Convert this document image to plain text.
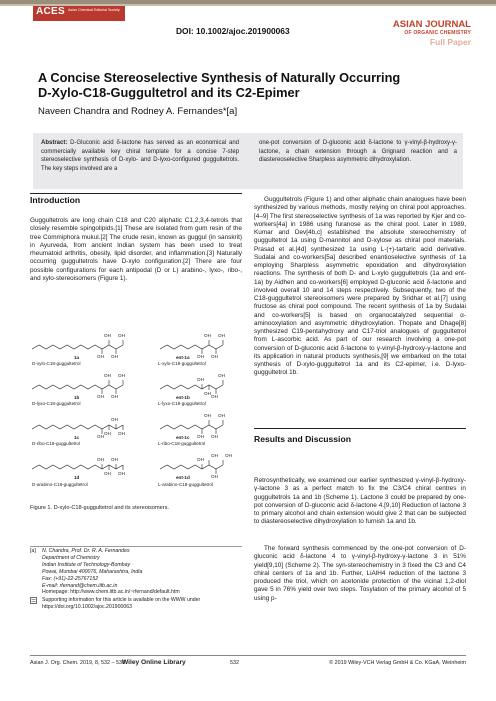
ACES Asian Chemical Editorial Society
DOI: 10.1002/ajoc.201900063
ASIAN JOURNAL
OF ORGANIC CHEMISTRY
Full Paper
A Concise Stereoselective Synthesis of Naturally Occurring
D-Xylo-C18-Guggultetrol and its C2-Epimer
Naveen Chandra and Rodney A. Fernandes*[a]
Abstract: D-Gluconic acid δ-lactone has served as an economical and commercially available key chiral template for a concise 7-step stereoselective synthesis of D-xylo- and D-lyxo-configured guggultetrols. The key steps involved are a
one-pot conversion of D-gluconic acid δ-lactone to γ-vinyl-β-hydroxy-γ-lactone, a chain extension through a Grignard reaction and a diastereoselective Sharpless asymmetric dihydroxylation.
Introduction
Guggultetrols are long chain C18 and C20 aliphatic C1,2,3,4-tetrols that closely resemble spingolipids.[1] These are isolated from gum resin of the tree Commiphora mukul.[2] The crude resin, known as guggul (in sanskrit) in Ayurveda, from ancient Indian system has been used to treat rheumatoid arthritis, obesity, lipid disorder, and inflammation.[3] Naturally occurring guggultetrols have D-xylo configuration.[2] There are four possible configurations for each antipodal (D or L) arabino-, lyxo-, ribo-, and xylo-stereoisomers (Figure 1).
OH OH
OH OH
OH OH
OH OH
OH OH
OH OH
OH
OH
OH
OH
OH
OH
OH OH
OH OH
OH OH
OH OH
OH OH
OH
OH OH
OH
1a
D-xylo-C18-guggultetrol
ent-1a
L-xylo-C18-guggultetrol
1b
D-lyxo-C18-guggultetrol
ent-1b
L-lyxo-C18-guggultetrol
1c
D-ribo-C18-guggultetrol
ent-1c
L-ribo-C18-guggultetrol
1d
D-arabino-C18-guggultetrol
ent-1d
L-arabino-C18-guggultetrol
Figure 1. D-xylo-C18-guggultetrol and its stereoisomers.
[a]	N. Chandra, Prof. Dr. R. A. Fernandes
Department of Chemistry
Indian Institute of Technology-Bombay
Powai, Mumbai 400076, Maharashtra, India
Fax: (+91)-22-25767152
E-mail: rfernand@chem.iitb.ac.in
Homepage: http://www.chem.iitb.ac.in/~rfernand/default.htm
Supporting information for this article is available on the WWW under https://doi.org/10.1002/ajoc.201900063
Guggultetrols (Figure 1) and other aliphatic chain analogues have been synthesized by various methods, mostly relying on chiral pool approaches.[4–9] The first stereoselective synthesis of 1a was reported by Kjer and co-workers[4a] in 1986 using furanose as the chiral pool. Later in 1989, Kumar and Dev[4b,c] established the absolute stereochemistry of guggultetrol 1a using D-mannitol and D-xylose as chiral pool materials. Prasad et al.[4d] synthesized 1a using L-(+)-tartaric acid derivative. Sudalai and co-workers[5a] described enantioselective synthesis of 1a employing Sharpless asymmetric epoxidation and dihydroxylation reactions. The synthesis of both D- and L-xylo guggultetrols (1a and ent-1a) by Aidhen and co-workers[6] employed D-gluconic acid δ-lactone and involved overall 10 and 14 steps respectively. Subsequently, two of the C18-guggultetrol stereoisomers were prepared by Sridhar et al.[7] using fructose as chiral pool compound. The recent synthesis of 1a by Sudalai and co-workers[5] is based on organocatalyzed sequential α-aminooxylation and asymmetric dihydroxylation. Thopate and Dhage[8] synthesized C19-pentahydroxy and C17-triol analogues of guggultetrol from L-ascorbic acid. As part of our research involving a one-pot conversion of D-gluconic acid δ-lactone to γ-vinyl-β-hydroxy-γ-lactone and its application in natural products synthesis,[9] we embarked on the total synthesis of D-xylo-guggultetrol 1a and its C2-epimer, i.e. D-lyxo-guggultetrol 1b.
Results and Discussion
Retrosynthetically, we examined our earlier synthesized γ-vinyl-β-hydroxy-γ-lactone 3 as a perfect match to fix the C3/C4 chiral centres in guggultetrols 1a and 1b (Scheme 1). Lactone 3 could be prepared by one-pot conversion of D-gluconic acid δ-lactone 4.[9,10] Reduction of lactone 3 to primary alcohol and chain extension would give 2 that can be subjected to diastereoselective dihydroxylation to furnish 1a and 1b.
The forward synthesis commenced by the one-pot conversion of D-gluconic acid δ-lactone 4 to γ-vinyl-β-hydroxy-γ-lactone 3 in 51% yield[9,10] (Scheme 2). The syn-stereochemistry in 3 fixed the C3 and C4 chiral centers of 1a and 1b. Further, LiAlH4 reduction of the lactone 3 produced the triol, which on acetonide protection of the vicinal 1,2-diol gave 5 in 76% yield over two steps. Tosylation of the primary alcohol of 5 using p-
Asian J. Org. Chem. 2019, 8, 532 – 536
Wiley Online Library	532	© 2019 Wiley-VCH Verlag GmbH & Co. KGaA, Weinheim
